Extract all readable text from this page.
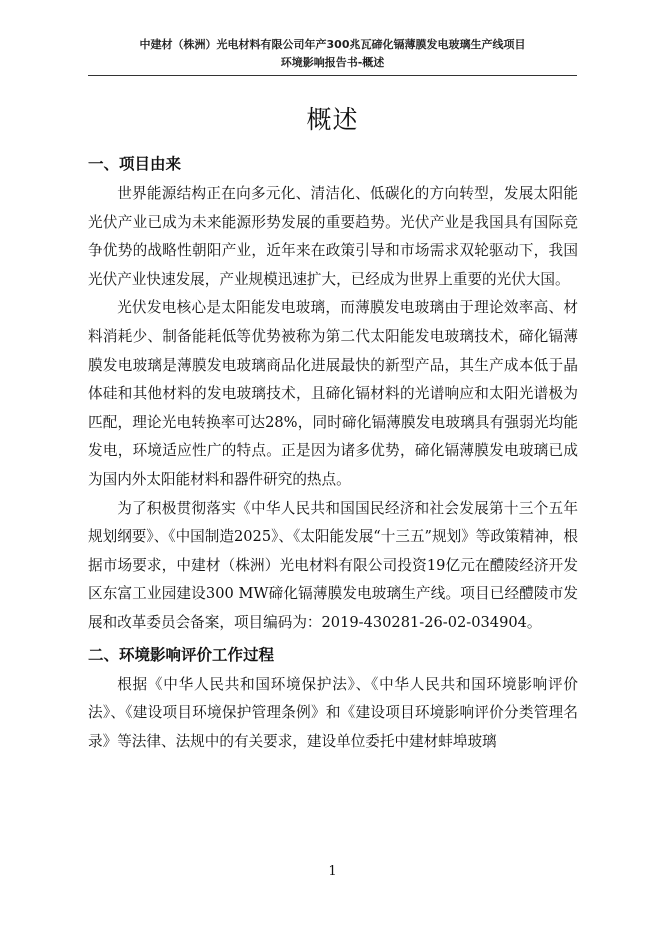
中建材（株洲）光电材料有限公司年产300兆瓦碲化镉薄膜发电玻璃生产线项目
环境影响报告书-概述
概述
一、项目由来

世界能源结构正在向多元化、清洁化、低碳化的方向转型，发展太阳能光伏产业已成为未来能源形势发展的重要趋势。光伏产业是我国具有国际竞争优势的战略性朝阳产业，近年来在政策引导和市场需求双轮驱动下，我国光伏产业快速发展，产业规模迅速扩大，已经成为世界上重要的光伏大国。

光伏发电核心是太阳能发电玻璃，而薄膜发电玻璃由于理论效率高、材料消耗少、制备能耗低等优势被称为第二代太阳能发电玻璃技术，碲化镉薄膜发电玻璃是薄膜发电玻璃商品化进展最快的新型产品，其生产成本低于晶体硅和其他材料的发电玻璃技术，且碲化镉材料的光谱响应和太阳光谱极为匹配，理论光电转换率可达28%，同时碲化镉薄膜发电玻璃具有强弱光均能发电，环境适应性广的特点。正是因为诸多优势，碲化镉薄膜发电玻璃已成为国内外太阳能材料和器件研究的热点。

为了积极贯彻落实《中华人民共和国国民经济和社会发展第十三个五年规划纲要》、《中国制造2025》、《太阳能发展“十三五”规划》等政策精神，根据市场要求，中建材（株洲）光电材料有限公司投资19亿元在醴陵经济开发区东富工业园建设300 MW碲化镉薄膜发电玻璃生产线。项目已经醴陵市发展和改革委员会备案，项目编码为：2019-430281-26-02-034904。

二、环境影响评价工作过程

根据《中华人民共和国环境保护法》、《中华人民共和国环境影响评价法》、《建设项目环境保护管理条例》和《建设项目环境影响评价分类管理名录》等法律、法规中的有关要求，建设单位委托中建材蚌埠玻璃

1
